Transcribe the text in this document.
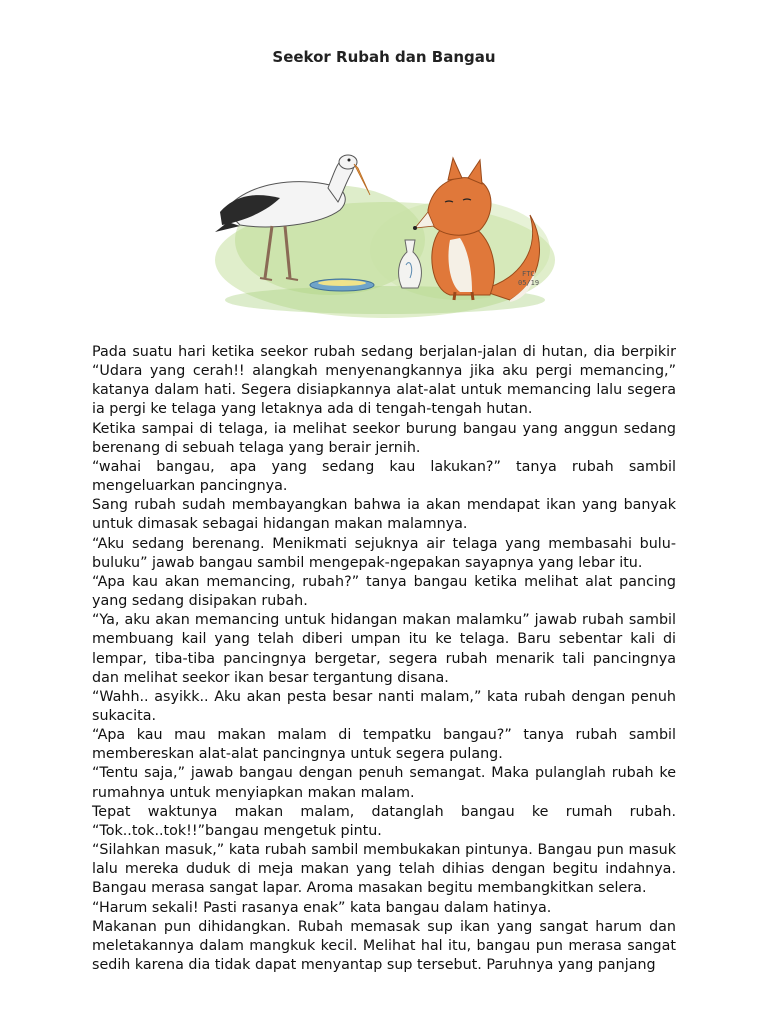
Seekor Rubah dan Bangau
FTC
05/19

Pada suatu hari ketika seekor rubah sedang berjalan-jalan di hutan, dia berpikir “Udara yang cerah!! alangkah menyenangkannya jika aku pergi memancing,” katanya dalam hati. Segera disiapkannya alat-alat untuk memancing lalu segera ia pergi ke telaga yang letaknya ada di tengah-tengah hutan.

Ketika sampai di telaga, ia melihat seekor burung bangau yang anggun sedang berenang di sebuah telaga yang berair jernih.

“wahai bangau, apa yang sedang kau lakukan?” tanya rubah sambil mengeluarkan pancingnya.

Sang rubah sudah membayangkan bahwa ia akan mendapat ikan yang banyak untuk dimasak sebagai hidangan makan malamnya.

“Aku sedang berenang. Menikmati sejuknya air telaga yang membasahi bulu-buluku” jawab bangau sambil mengepak-ngepakan sayapnya yang lebar itu.

“Apa kau akan memancing, rubah?” tanya bangau ketika melihat alat pancing yang sedang disipakan rubah.

“Ya, aku akan memancing untuk hidangan makan malamku” jawab rubah sambil membuang kail yang telah diberi umpan itu ke telaga. Baru sebentar kali di lempar, tiba-tiba pancingnya bergetar, segera rubah menarik tali pancingnya dan melihat seekor ikan besar tergantung disana.

“Wahh.. asyikk.. Aku akan pesta besar nanti malam,” kata rubah dengan penuh sukacita.

“Apa kau mau makan malam di tempatku bangau?” tanya rubah sambil membereskan alat-alat pancingnya untuk segera pulang.

“Tentu saja,” jawab bangau dengan penuh semangat. Maka pulanglah rubah ke rumahnya untuk menyiapkan makan malam.

Tepat waktunya makan malam, datanglah bangau ke rumah rubah. “Tok..tok..tok!!”bangau mengetuk pintu.

“Silahkan masuk,” kata rubah sambil membukakan pintunya. Bangau pun masuk lalu mereka duduk di meja makan yang telah dihias dengan begitu indahnya. Bangau merasa sangat lapar. Aroma masakan begitu membangkitkan selera.

“Harum sekali! Pasti rasanya enak” kata bangau dalam hatinya.

Makanan pun dihidangkan. Rubah memasak sup ikan yang sangat harum dan meletakannya dalam mangkuk kecil. Melihat hal itu, bangau pun merasa sangat sedih karena dia tidak dapat menyantap sup tersebut. Paruhnya yang panjang
